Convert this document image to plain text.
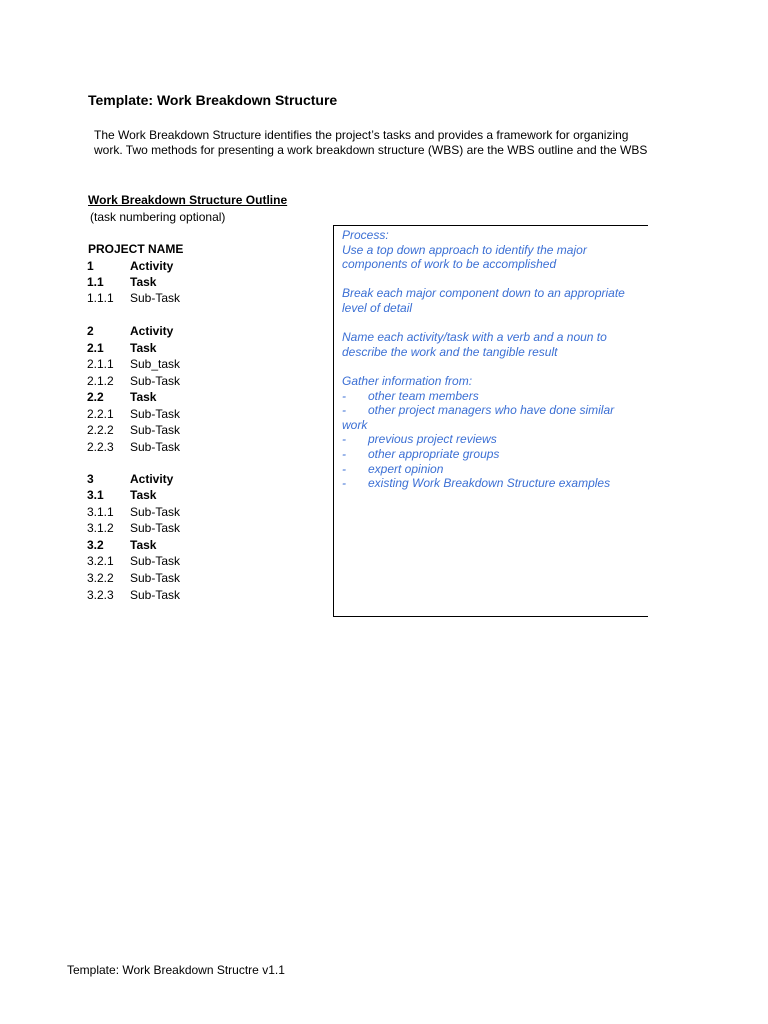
Template: Work Breakdown Structure
The Work Breakdown Structure identifies the project’s tasks and provides a framework for organizing
work. Two methods for presenting a work breakdown structure (WBS) are the WBS outline and the WBS
Work Breakdown Structure Outline
(task numbering optional)
PROJECT NAME
1	Activity
1.1	Task
1.1.1	Sub-Task
2	Activity
2.1	Task
2.1.1	Sub_task
2.1.2	Sub-Task
2.2	Task
2.2.1	Sub-Task
2.2.2	Sub-Task
2.2.3	Sub-Task
3	Activity
3.1	Task
3.1.1	Sub-Task
3.1.2	Sub-Task
3.2	Task
3.2.1	Sub-Task
3.2.2	Sub-Task
3.2.3	Sub-Task
Process:
Use a top down approach to identify the major
components of work to be accomplished
Break each major component down to an appropriate
level of detail
Name each activity/task with a verb and a noun to
describe the work and the tangible result
Gather information from:
- other team members
- other project managers who have done similar work
- previous project reviews
- other appropriate groups
- expert opinion
- existing Work Breakdown Structure examples
Template: Work Breakdown Structre v1.1
